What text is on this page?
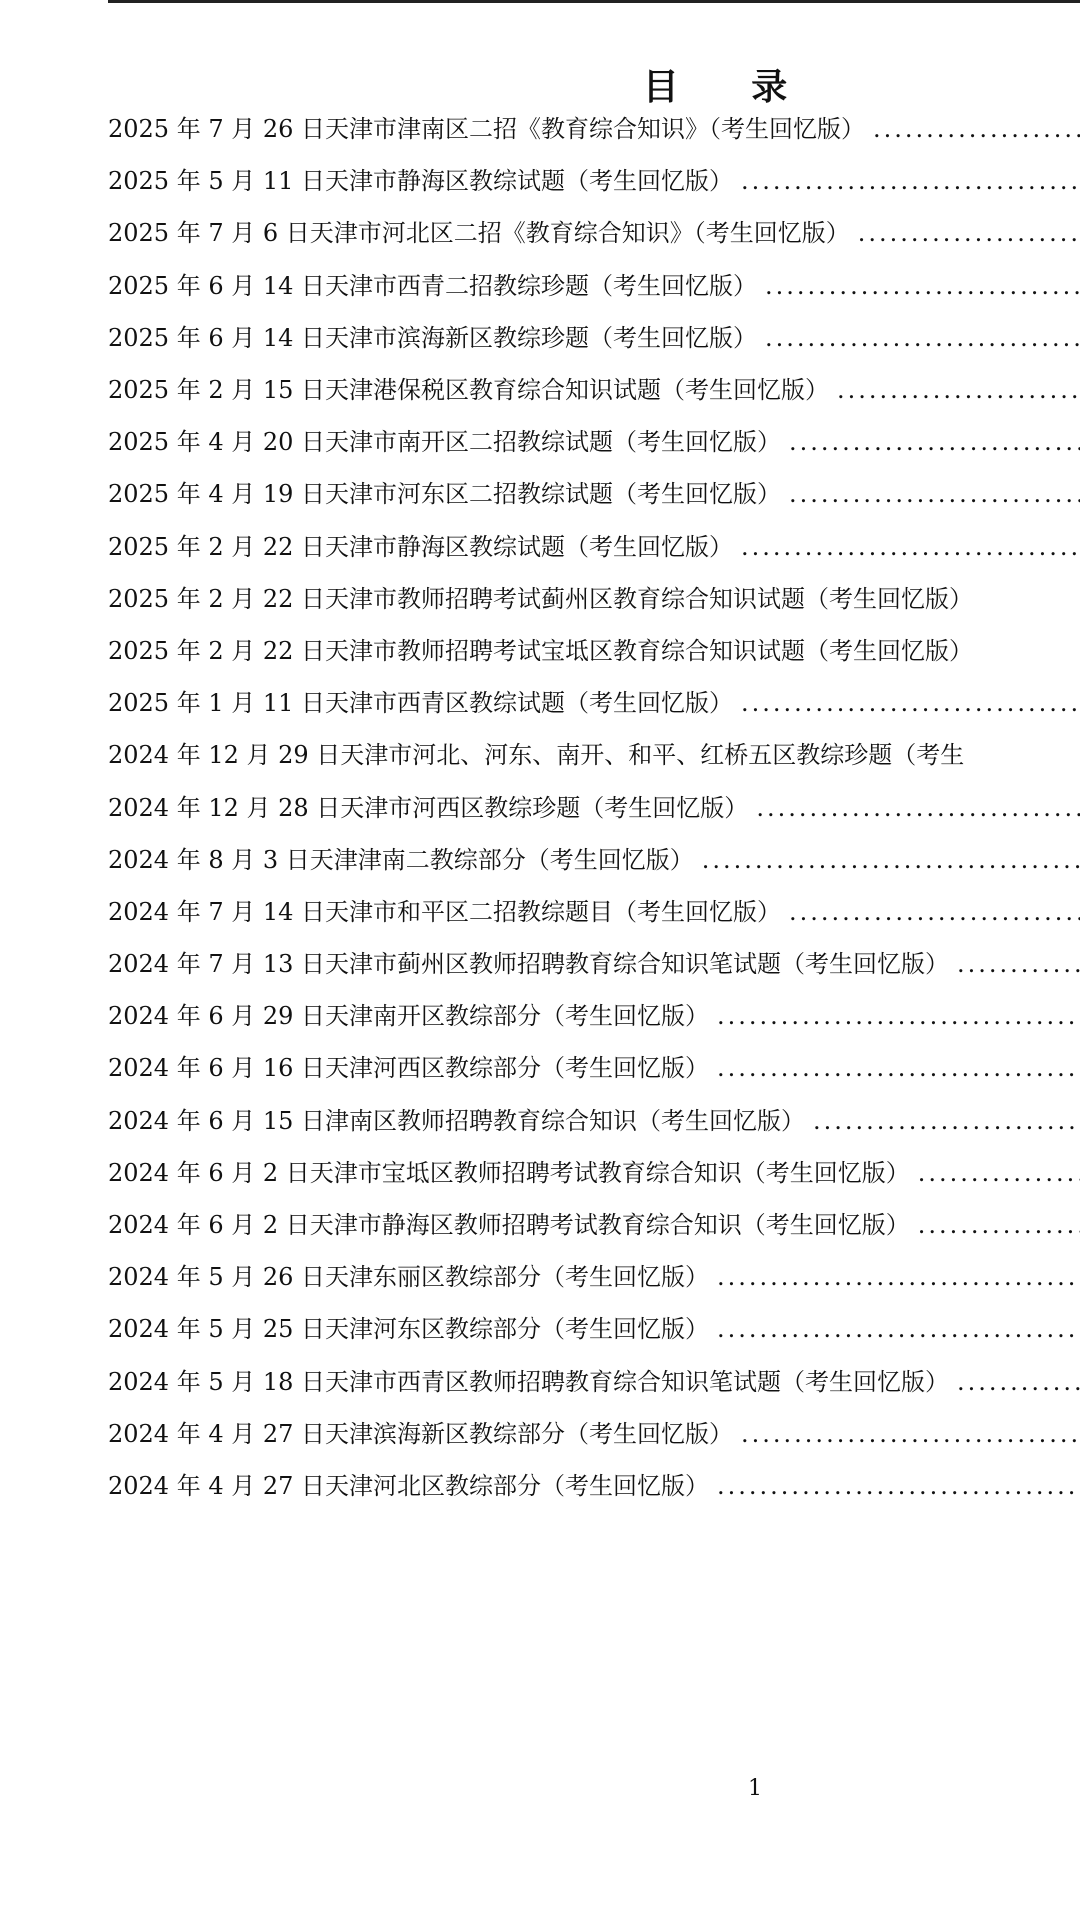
目 录
2025 年 7 月 26 日天津市津南区二招《教育综合知识》（考生回忆版）
.....
2025 年 5 月 11 日天津市静海区教综试题（考生回忆版）
.....
2025 年 7 月 6 日天津市河北区二招《教育综合知识》（考生回忆版）
.....
2025 年 6 月 14 日天津市西青二招教综珍题（考生回忆版）
.....
2025 年 6 月 14 日天津市滨海新区教综珍题（考生回忆版）
.....
2025 年 2 月 15 日天津港保税区教育综合知识试题（考生回忆版）
.....
2025 年 4 月 20 日天津市南开区二招教综试题（考生回忆版）
.....
2025 年 4 月 19 日天津市河东区二招教综试题（考生回忆版）
.....
2025 年 2 月 22 日天津市静海区教综试题（考生回忆版）
.....
2025 年 2 月 22 日天津市教师招聘考试蓟州区教育综合知识试题（考生回忆版）
2025 年 2 月 22 日天津市教师招聘考试宝坻区教育综合知识试题（考生回忆版）
2025 年 1 月 11 日天津市西青区教综试题（考生回忆版）
.....
2024 年 12 月 29 日天津市河北、河东、南开、和平、红桥五区教综珍题（考生
2024 年 12 月 28 日天津市河西区教综珍题（考生回忆版）
.....
2024 年 8 月 3 日天津津南二教综部分（考生回忆版）
.....
2024 年 7 月 14 日天津市和平区二招教综题目（考生回忆版）
.....
2024 年 7 月 13 日天津市蓟州区教师招聘教育综合知识笔试题（考生回忆版）
.....
2024 年 6 月 29 日天津南开区教综部分（考生回忆版）
.....
2024 年 6 月 16 日天津河西区教综部分（考生回忆版）
.....
2024 年 6 月 15 日津南区教师招聘教育综合知识（考生回忆版）
.....
2024 年 6 月 2 日天津市宝坻区教师招聘考试教育综合知识（考生回忆版）
.....
2024 年 6 月 2 日天津市静海区教师招聘考试教育综合知识（考生回忆版）
.....
2024 年 5 月 26 日天津东丽区教综部分（考生回忆版）
.....
2024 年 5 月 25 日天津河东区教综部分（考生回忆版）
.....
2024 年 5 月 18 日天津市西青区教师招聘教育综合知识笔试题（考生回忆版）
.....
2024 年 4 月 27 日天津滨海新区教综部分（考生回忆版）
.....
2024 年 4 月 27 日天津河北区教综部分（考生回忆版）
.....
1
